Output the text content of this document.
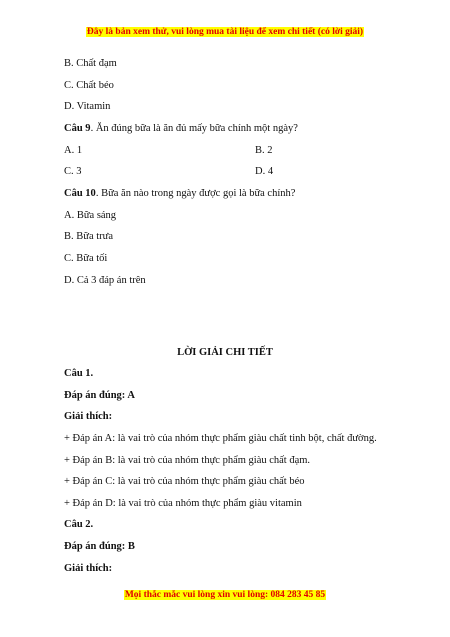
Đây là bản xem thử, vui lòng mua tài liệu để xem chi tiết (có lời giải)
B. Chất đạm
C. Chất béo
D. Vitamin
Câu 9. Ăn đúng bữa là ăn đủ mấy bữa chính một ngày?
A. 1	B. 2
C. 3	D. 4
Câu 10. Bữa ăn nào trong ngày được gọi là bữa chính?
A. Bữa sáng
B. Bữa trưa
C. Bữa tối
D. Cả 3 đáp án trên
LỜI GIẢI CHI TIẾT
Câu 1.
Đáp án đúng: A
Giải thích:
+ Đáp án A: là vai trò của nhóm thực phẩm giàu chất tinh bột, chất đường.
+ Đáp án B: là vai trò của nhóm thực phẩm giàu chất đạm.
+ Đáp án C: là vai trò của nhóm thực phẩm giàu chất béo
+ Đáp án D: là vai trò của nhóm thực phẩm giàu vitamin
Câu 2.
Đáp án đúng: B
Giải thích:
Mọi thắc mắc vui lòng xin vui lòng: 084 283 45 85
